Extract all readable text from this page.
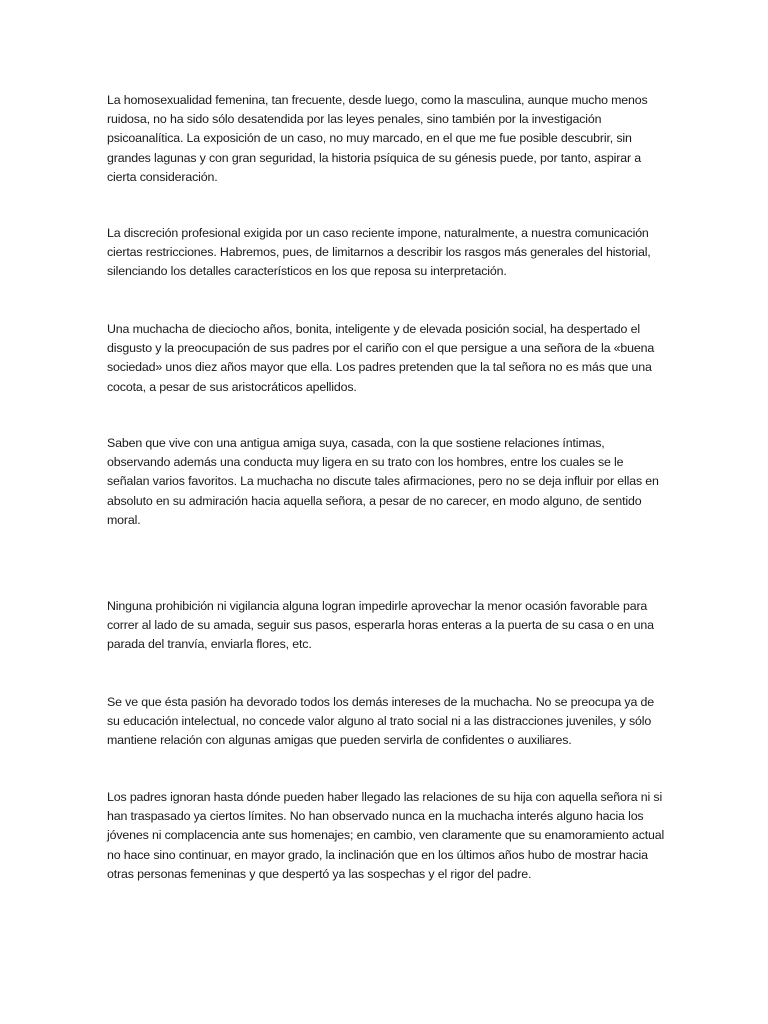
La homosexualidad femenina, tan frecuente, desde luego, como la masculina, aunque mucho menos ruidosa, no ha sido sólo desatendida por las leyes penales, sino también por la investigación psicoanalítica. La exposición de un caso, no muy marcado, en el que me fue posible descubrir, sin grandes lagunas y con gran seguridad, la historia psíquica de su génesis puede, por tanto, aspirar a cierta consideración.

La discreción profesional exigida por un caso reciente impone, naturalmente, a nuestra comunicación ciertas restricciones. Habremos, pues, de limitarnos a describir los rasgos más generales del historial, silenciando los detalles característicos en los que reposa su interpretación.

Una muchacha de dieciocho años, bonita, inteligente y de elevada posición social, ha despertado el disgusto y la preocupación de sus padres por el cariño con el que persigue a una señora de la «buena sociedad» unos diez años mayor que ella. Los padres pretenden que la tal señora no es más que una cocota, a pesar de sus aristocráticos apellidos.

Saben que vive con una antigua amiga suya, casada, con la que sostiene relaciones íntimas, observando además una conducta muy ligera en su trato con los hombres, entre los cuales se le señalan varios favoritos. La muchacha no discute tales afirmaciones, pero no se deja influir por ellas en absoluto en su admiración hacia aquella señora, a pesar de no carecer, en modo alguno, de sentido moral.

Ninguna prohibición ni vigilancia alguna logran impedirle aprovechar la menor ocasión favorable para correr al lado de su amada, seguir sus pasos, esperarla horas enteras a la puerta de su casa o en una parada del tranvía, enviarla flores, etc.

Se ve que ésta pasión ha devorado todos los demás intereses de la muchacha. No se preocupa ya de su educación intelectual, no concede valor alguno al trato social ni a las distracciones juveniles, y sólo mantiene relación con algunas amigas que pueden servirla de confidentes o auxiliares.

Los padres ignoran hasta dónde pueden haber llegado las relaciones de su hija con aquella señora ni si han traspasado ya ciertos límites. No han observado nunca en la muchacha interés alguno hacia los jóvenes ni complacencia ante sus homenajes; en cambio, ven claramente que su enamoramiento actual no hace sino continuar, en mayor grado, la inclinación que en los últimos años hubo de mostrar hacia otras personas femeninas y que despertó ya las sospechas y el rigor del padre.
